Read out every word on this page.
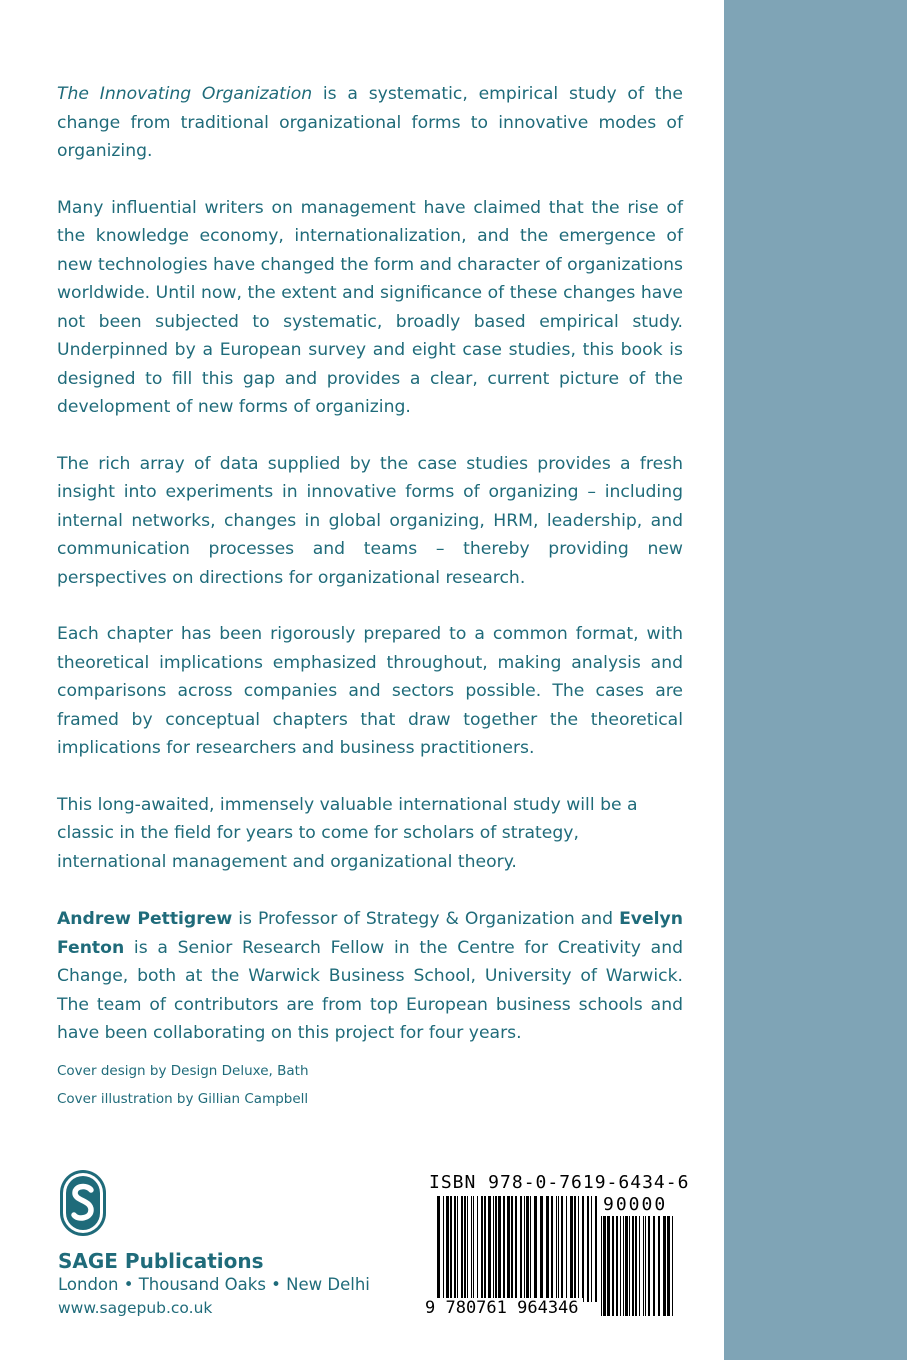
The Innovating Organization is a systematic, empirical study of the change from traditional organizational forms to innovative modes of organizing.

Many influential writers on management have claimed that the rise of the knowledge economy, internationalization, and the emergence of new technologies have changed the form and character of organizations worldwide. Until now, the extent and significance of these changes have not been subjected to systematic, broadly based empirical study. Underpinned by a European survey and eight case studies, this book is designed to fill this gap and provides a clear, current picture of the development of new forms of organizing.

The rich array of data supplied by the case studies provides a fresh insight into experiments in innovative forms of organizing – including internal networks, changes in global organizing, HRM, leadership, and communication processes and teams – thereby providing new perspectives on directions for organizational research.

Each chapter has been rigorously prepared to a common format, with theoretical implications emphasized throughout, making analysis and comparisons across companies and sectors possible. The cases are framed by conceptual chapters that draw together the theoretical implications for researchers and business practitioners.

This long-awaited, immensely valuable international study will be a classic in the field for years to come for scholars of strategy, international management and organizational theory.

Andrew Pettigrew is Professor of Strategy & Organization and Evelyn Fenton is a Senior Research Fellow in the Centre for Creativity and Change, both at the Warwick Business School, University of Warwick. The team of contributors are from top European business schools and have been collaborating on this project for four years.

Cover design by Design Deluxe, Bath
Cover illustration by Gillian Campbell
SAGE Publications
London • Thousand Oaks • New Delhi
www.sagepub.co.uk
ISBN 978-0-7619-6434-6
90000
9 780761 964346
